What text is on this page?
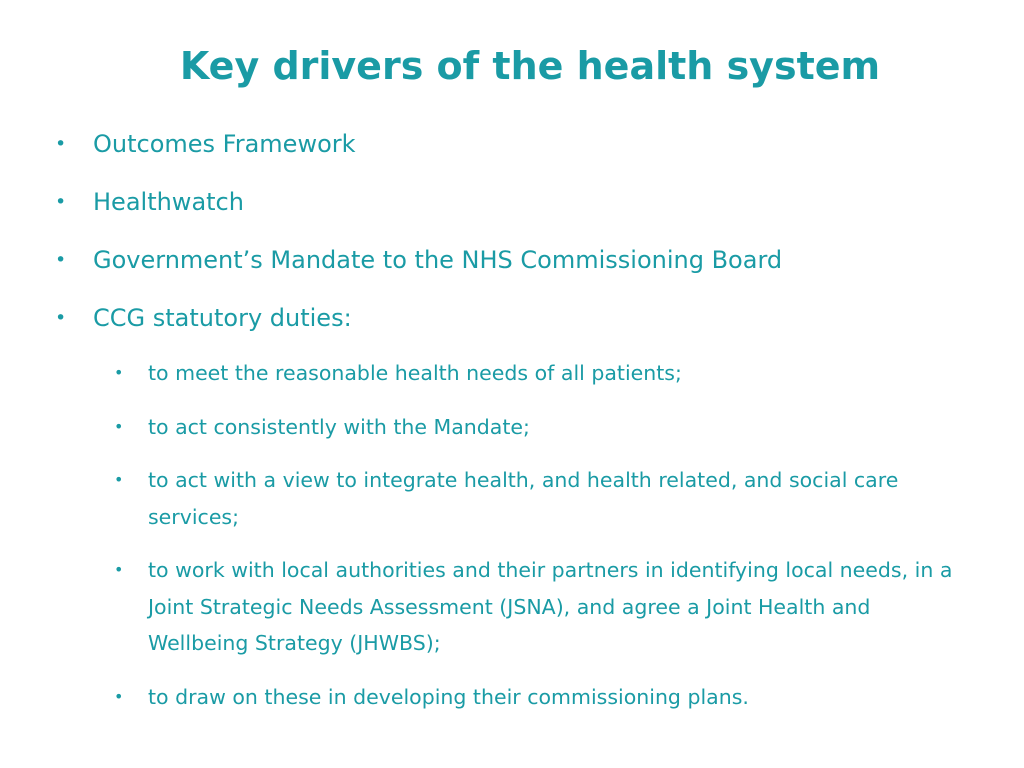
Key drivers of the health system
• Outcomes Framework
• Healthwatch
• Government’s Mandate to the NHS Commissioning Board
• CCG statutory duties:
• to meet the reasonable health needs of all patients;
• to act consistently with the Mandate;
• to act with a view to integrate health, and health related, and social care services;
• to work with local authorities and their partners in identifying local needs, in a Joint Strategic Needs Assessment (JSNA), and agree a Joint Health and Wellbeing Strategy (JHWBS);
• to draw on these in developing their commissioning plans.
